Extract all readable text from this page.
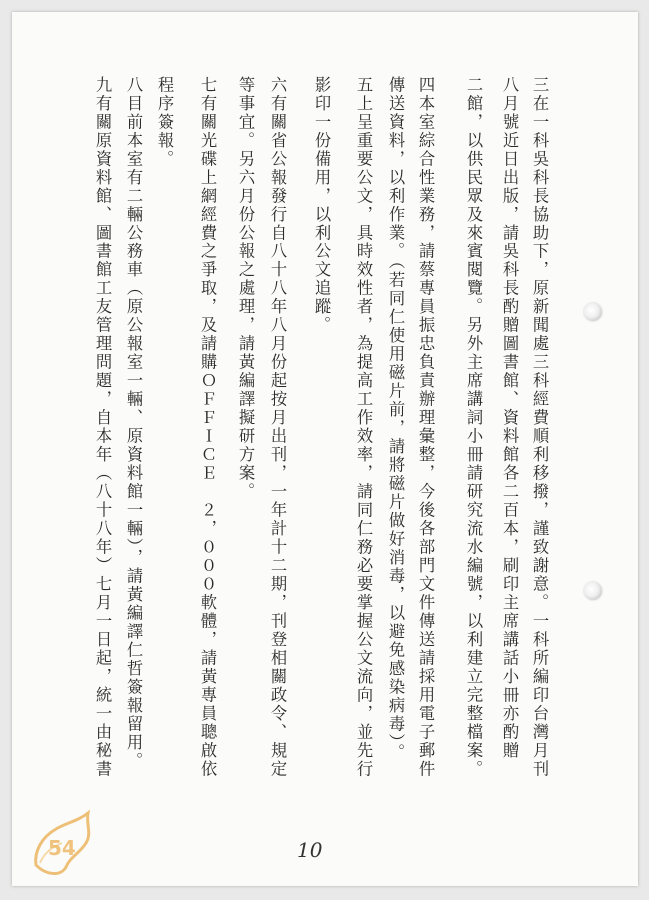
三在一科吳科長協助下，原新聞處三科經費順利移撥，謹致謝意。一科所編印台灣月刊
八月號近日出版，請吳科長酌贈圖書館、資料館各二百本，刷印主席講話小冊亦酌贈
二館，以供民眾及來賓閱覽。另外主席講詞小冊請研究流水編號，以利建立完整檔案。
四本室綜合性業務，請蔡專員振忠負責辦理彙整，今後各部門文件傳送請採用電子郵件
傳送資料，以利作業。（若同仁使用磁片前，請將磁片做好消毒，以避免感染病毒）。
五上呈重要公文，具時效性者，為提高工作效率，請同仁務必要掌握公文流向，並先行
影印一份備用，以利公文追蹤。
六有關省公報發行自八十八年八月份起按月出刊，一年計十二期，刊登相關政令、規定
等事宜。另六月份公報之處理，請黃編譯擬研方案。
七有關光碟上網經費之爭取，及請購ＯＦＦＩＣＥ　２，０００軟體，請黃專員聰啟依
程序簽報。
八目前本室有二輛公務車（原公報室一輛、原資料館一輛），請黃編譯仁哲簽報留用。
九有關原資料館、圖書館工友管理問題，自本年（八十八年）七月一日起，統一由秘書
10
54
